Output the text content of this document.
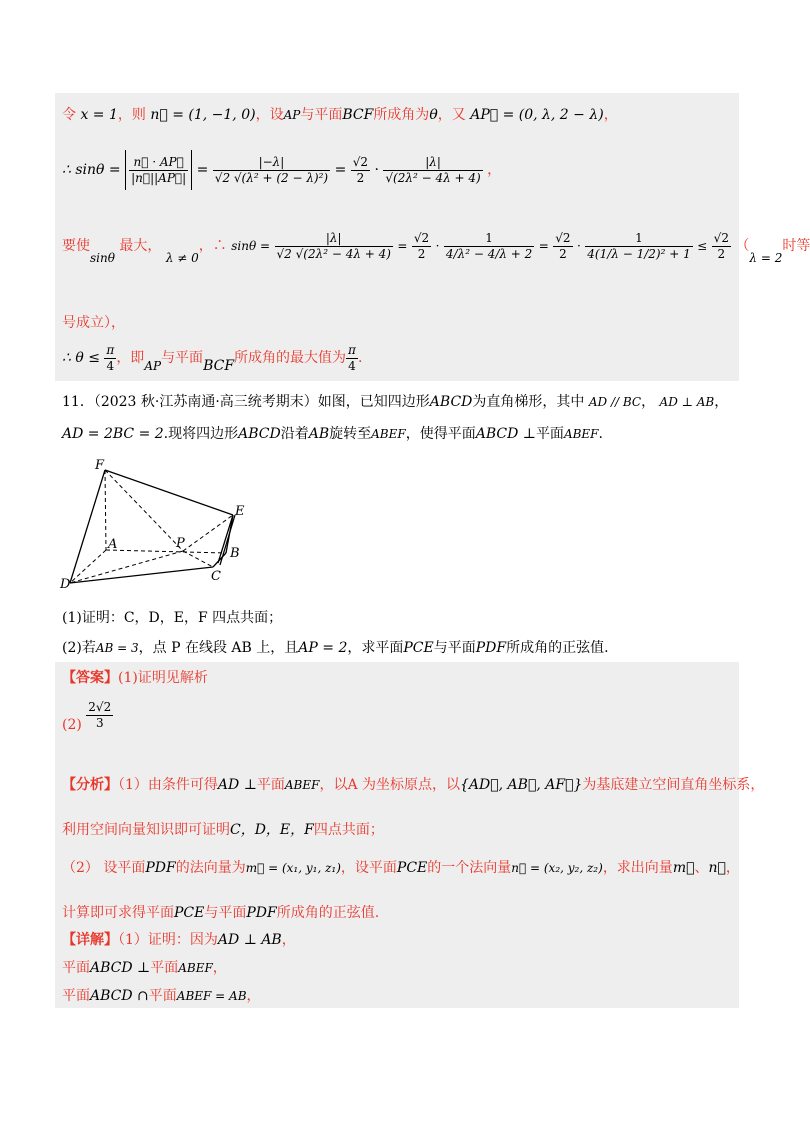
令 x = 1，则 n⃗ = (1, −1, 0)，设AP与平面BCF所成角为θ，又 AP⃗ = (0, λ, 2 − λ)，
∴ $\sin\theta = \frac{n⃗ \cdot AP⃗}{|n⃗||AP⃗|} = \frac{|-\lambda|}{\text{√2 √(λ² + (2 − λ)²)}} = \frac{√2}{2} \cdot \frac{|\lambda|}{\text{√(2λ² − 4λ + 4)}}$ ，
要使sinθ 最大， λ ≠ 0，∴ $\sin\theta = \frac{|\lambda|}{\text{√2 √(2λ² − 4λ + 4)}} = \frac{√2}{2} \cdot \frac{1}{\text{4/λ² − 4/λ + 2}} = \frac{√2}{2} \cdot \frac{1}{\text{4(1/λ − 1/2)² + 1}} \le \frac{√2}{2} (\lambda = 2$时等
号成立），
∴ $\theta \le \frac{\pi}{4}$ ，即AP与平面BCF所成角的最大值为 $\frac{\pi}{4}$ .
11．（2023 秋·江苏南通·高三统考期末）如图，已知四边形ABCD为直角梯形，其中 AD // BC， AD ⊥ AB，
AD = 2BC = 2.现将四边形ABCD沿着AB旋转至ABEF，使得平面ABCD ⊥平面ABEF.
F
E
A	P
B
C
D
(1)证明：C，D，E，F 四点共面；
(2)若AB = 3，点 P 在线段 AB 上，且AP = 2，求平面PCE与平面PDF所成角的正弦值.
【答案】(1)证明见解析
$(2) \frac{2√2}{3}$
【分析】（1）由条件可得AD ⊥平面ABEF，以A 为坐标原点，以{AD⃗, AB⃗, AF⃗}为基底建立空间直角坐标系，
利用空间向量知识即可证明C，D，E，F四点共面；
（2） 设平面PDF的法向量为m⃗ = (x₁, y₁, z₁)，设平面PCE的一个法向量n⃗ = (x₂, y₂, z₂)，求出向量m⃗、n⃗，
计算即可求得平面PCE与平面PDF所成角的正弦值.
【详解】（1）证明：因为AD ⊥ AB，
平面ABCD ⊥平面ABEF，
平面ABCD ∩平面ABEF = AB，
